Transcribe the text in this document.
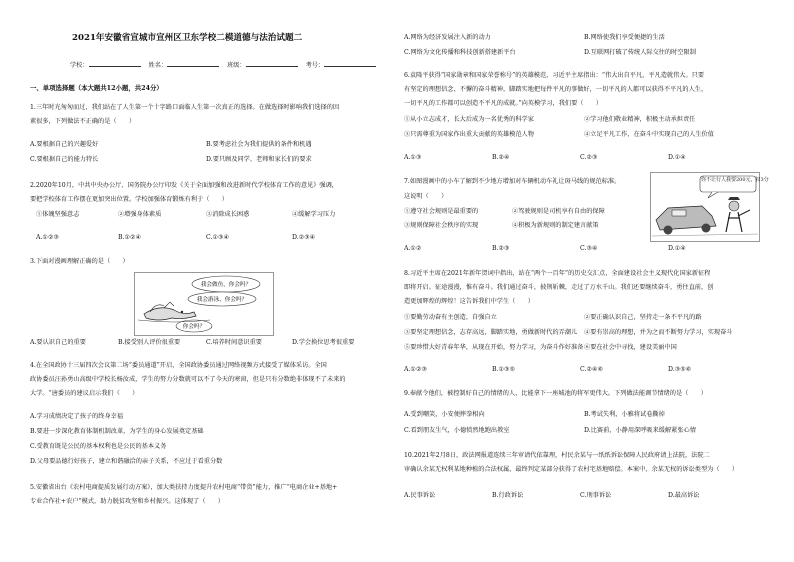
2021年安徽省宣城市宣州区卫东学校二模道德与法治试题二
学校：	姓名：	班级：	考号：
一、单项选择题（本大题共12小题，共24分）
1.三年时光匆匆而过，我们站在了人生第一个十字路口面临人生第一次真正的选择。在做选择时影响我们选择的因
素很多，下列做法不正确的是（　　）
A.要根据自己的兴趣爱好	B.要考虑社会为我们提供的条件和机遇
C.要根据自己的能力特长	D.要只顾及同学、老师和家长们的要求
2.2020年10月，中共中央办公厅、国务院办公厅印发《关于全面加强和改进新时代学校体育工作的意见》强调，
要把学校体育工作摆在更加突出位置。学校加强体育锻炼有利于（　　）
①体魄坚强意志	②增强身体素质	③消除成长困惑	④缓解学习压力
A.①②③	B.①②④	C.①③④	D.②③④
3.下面对漫画理解正确的是（　　）
我会做鱼，你会吗？
我会游泳，你会吗？
你会吗？
A.要认识自己的重要	B.接受别人评价很重要	C.培养时间意识重要	D.学会换位思考很重要
4.在全国政协十三届四次会议第二场“委员通道”开启，全国政协委员通过网络视频方式接受了媒体采访。全国
政协委员汪孙勇山高级中学校长杨汝成，学生的努力分数就可以不了今天的寒窗，但是只有分数绝非体现不了未来的
大学。“唐委员的建议启示我们（　　）
A.学习成绩决定了孩子的终身幸福
B.要进一步深化教育体制机制改革，为学生的身心发展奠定基础
C.受教育既是公民的基本权利也是公民的基本义务
D.父母要品德行好孩子，建立和谐融洽的亲子关系，不应过于看重分数
5.安徽省出台《农村电商提质发展行动方案》，加大类扶持力度提升农村电商“带货”能力，推广“电商企业+基地+
专业合作社+农户”模式，助力脱贫攻坚和乡村振兴。这体现了（　　）
A.网络为经济发展注入新的动力	B.网络使我们享受便捷的生活
C.网络为文化传播和科技创新搭建新平台	D.互联网打破了传统人际交往的时空限制
6.袁隆平获得“国家勋章和国家荣誉称号”的英雄模范，习近平主席指出：“伟大出自平凡，平凡造就伟大。只要
有坚定的理想信念、不懈的奋斗精神，脚踏实地把每件平凡的事做好，一切平凡的人都可以获得不平凡的人生，
一切平凡的工作都可以创造不平凡的成就。”向英模学习，我们要（　　）
①从小立志成才，长大后成为一名优秀的科学家	②学习他们敬业精神，积极主动承担责任
③只需尊重为国家作出重大贡献的英雄模范人物	④立足平凡工作，在奋斗中实现自己的人生价值
A.①③	B.②④	C.②③	D.①④
7.如图漫画中的小车了解到不少地方增加对车辆机动车礼让斑马线的规范标准。
这说明（　　）
你不让行人我要200元，扣3分
①遵守社会规则是最重要的	②驾驶规则是司机享有自由的保障
③规则保障社会秩序的实现	④积极为新规则的制定建言献策
A.①②	B.②③	C.③④	D.①④
8.习近平主席在2021年新年贺词中指出，站在“两个一百年”的历史交汇点，全面建设社会主义现代化国家新征程
即将开启。征途漫漫，惟有奋斗。我们通过奋斗，披荆斩棘，走过了万水千山。我们还要继续奋斗，勇往直前，创
造更加辉煌的辉煌！这告诉我们中学生（　　）
①要勤劳动奋有主创造，自强自立	②要正确认识自己，坚持走一条不平凡的路
③要坚定理想信念，志存高远，脚踏实地，勇做新时代的弄潮儿 ④要有崇高的理想，并为之而不断努力学习，实现奋斗
⑤要珍惜大好青春年华，从现在开始，努力学习，为奋斗作好准备 ⑥要在社会中寻找，建设美丽中国
A.①②③	B.①③⑤	C.②④⑥	D.③⑤⑥
9.奉献令他们，被控制好自己的情绪的人，比能拿下一座城池的将军更伟大。下列做法能调节情绪的是（　　）
A.受到嘲笑，小安便摔拳相向	B.考试失利，小雅将试卷撕掉
C.看到朋友生气，小德愤然地跑出教室	D.比赛前，小静用深呼吸来缓解紧张心情
10.2021年2月8日，政法网报道连续三年审请代依靠理，村民余某与一纸纸诉讼保障人民政府请上法院，法院二
审确认余某无权利某地种植的合法权属，最终判定某部分获得了农村宅基地赔偿。本案中，余某无权的诉讼类型为（　　）
A.民事诉讼	B.行政诉讼	C.刑事诉讼	D.最高诉讼
